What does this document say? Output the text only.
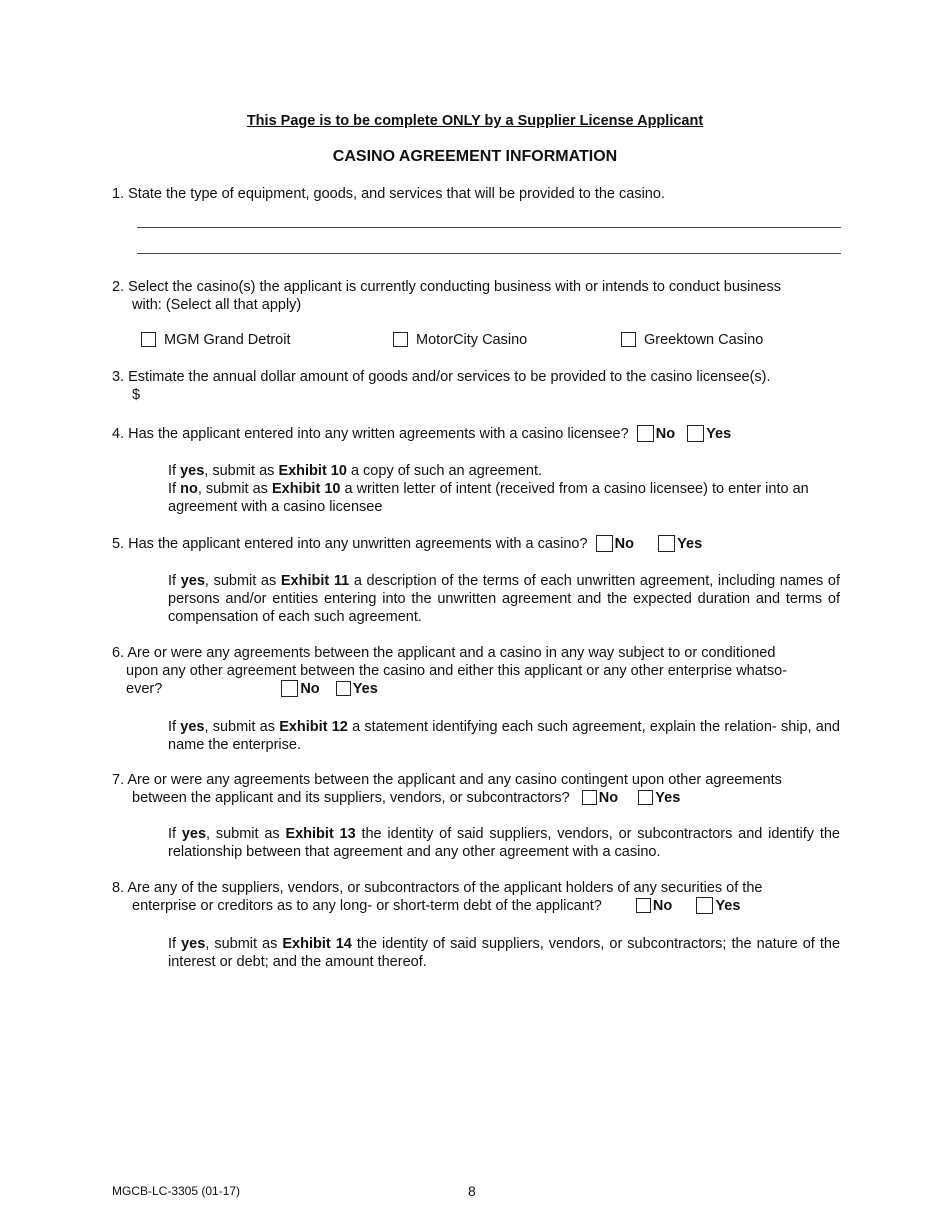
This Page is to be complete ONLY by a Supplier License Applicant
CASINO AGREEMENT INFORMATION
1. State the type of equipment, goods, and services that will be provided to the casino.
2. Select the casino(s) the applicant is currently conducting business with or intends to conduct business
with: (Select all that apply)
MGM Grand Detroit	MotorCity Casino	Greektown Casino
3. Estimate the annual dollar amount of goods and/or services to be provided to the casino licensee(s).
$
4. Has the applicant entered into any written agreements with a casino licensee? No Yes
If yes, submit as Exhibit 10 a copy of such an agreement.
If no, submit as Exhibit 10 a written letter of intent (received from a casino licensee) to enter into an agreement with a casino licensee
5. Has the applicant entered into any unwritten agreements with a casino? No	Yes
If yes, submit as Exhibit 11 a description of the terms of each unwritten agreement, including names of persons and/or entities entering into the unwritten agreement and the expected duration and terms of compensation of each such agreement.
6. Are or were any agreements between the applicant and a casino in any way subject to or conditioned
upon any other agreement between the casino and either this applicant or any other enterprise whatso-
ever?	No Yes
If yes, submit as Exhibit 12 a statement identifying each such agreement, explain the relation- ship, and name the enterprise.
7. Are or were any agreements between the applicant and any casino contingent upon other agreements
between the applicant and its suppliers, vendors, or subcontractors? No	Yes
If yes, submit as Exhibit 13 the identity of said suppliers, vendors, or subcontractors and identify the relationship between that agreement and any other agreement with a casino.
8. Are any of the suppliers, vendors, or subcontractors of the applicant holders of any securities of the
enterprise or creditors as to any long- or short-term debt of the applicant?	No	Yes
If yes, submit as Exhibit 14 the identity of said suppliers, vendors, or subcontractors; the nature of the interest or debt; and the amount thereof.
MGCB-LC-3305 (01-17)	8
